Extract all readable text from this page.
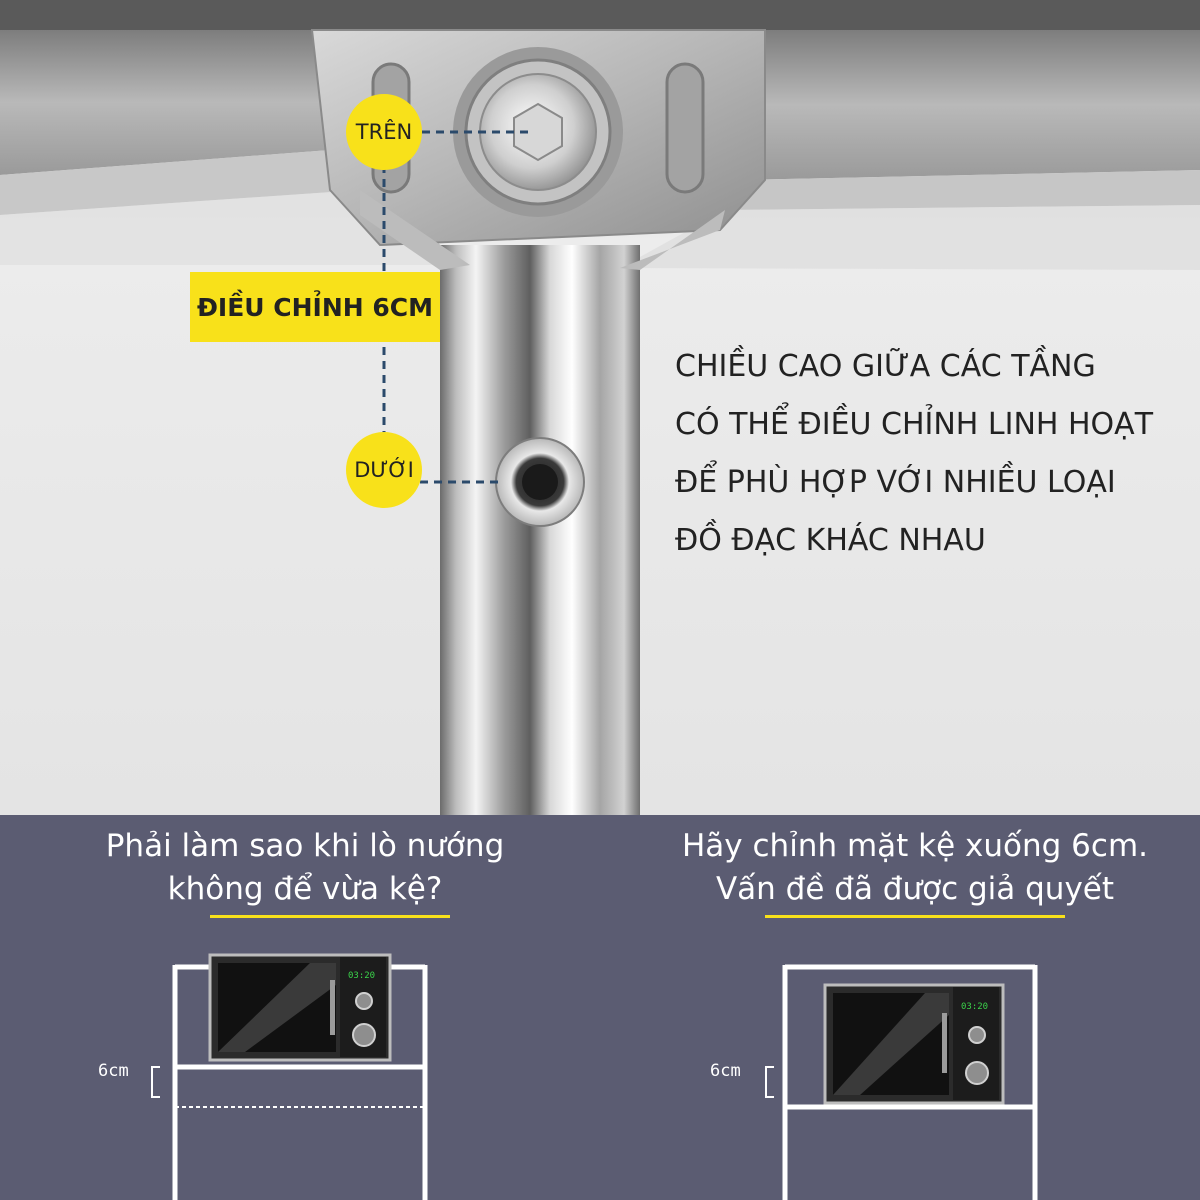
TRÊN
DƯỚI
ĐIỀU CHỈNH 6CM
CHIỀU CAO GIỮA CÁC TẦNG
CÓ THỂ ĐIỀU CHỈNH LINH HOẠT
ĐỂ PHÙ HỢP VỚI NHIỀU LOẠI
ĐỒ ĐẠC KHÁC NHAU
Phải làm sao khi lò nướng
không để vừa kệ?
03:20
6cm
Hãy chỉnh mặt kệ xuống 6cm.
Vấn đề đã được giả quyết
03:20
6cm
